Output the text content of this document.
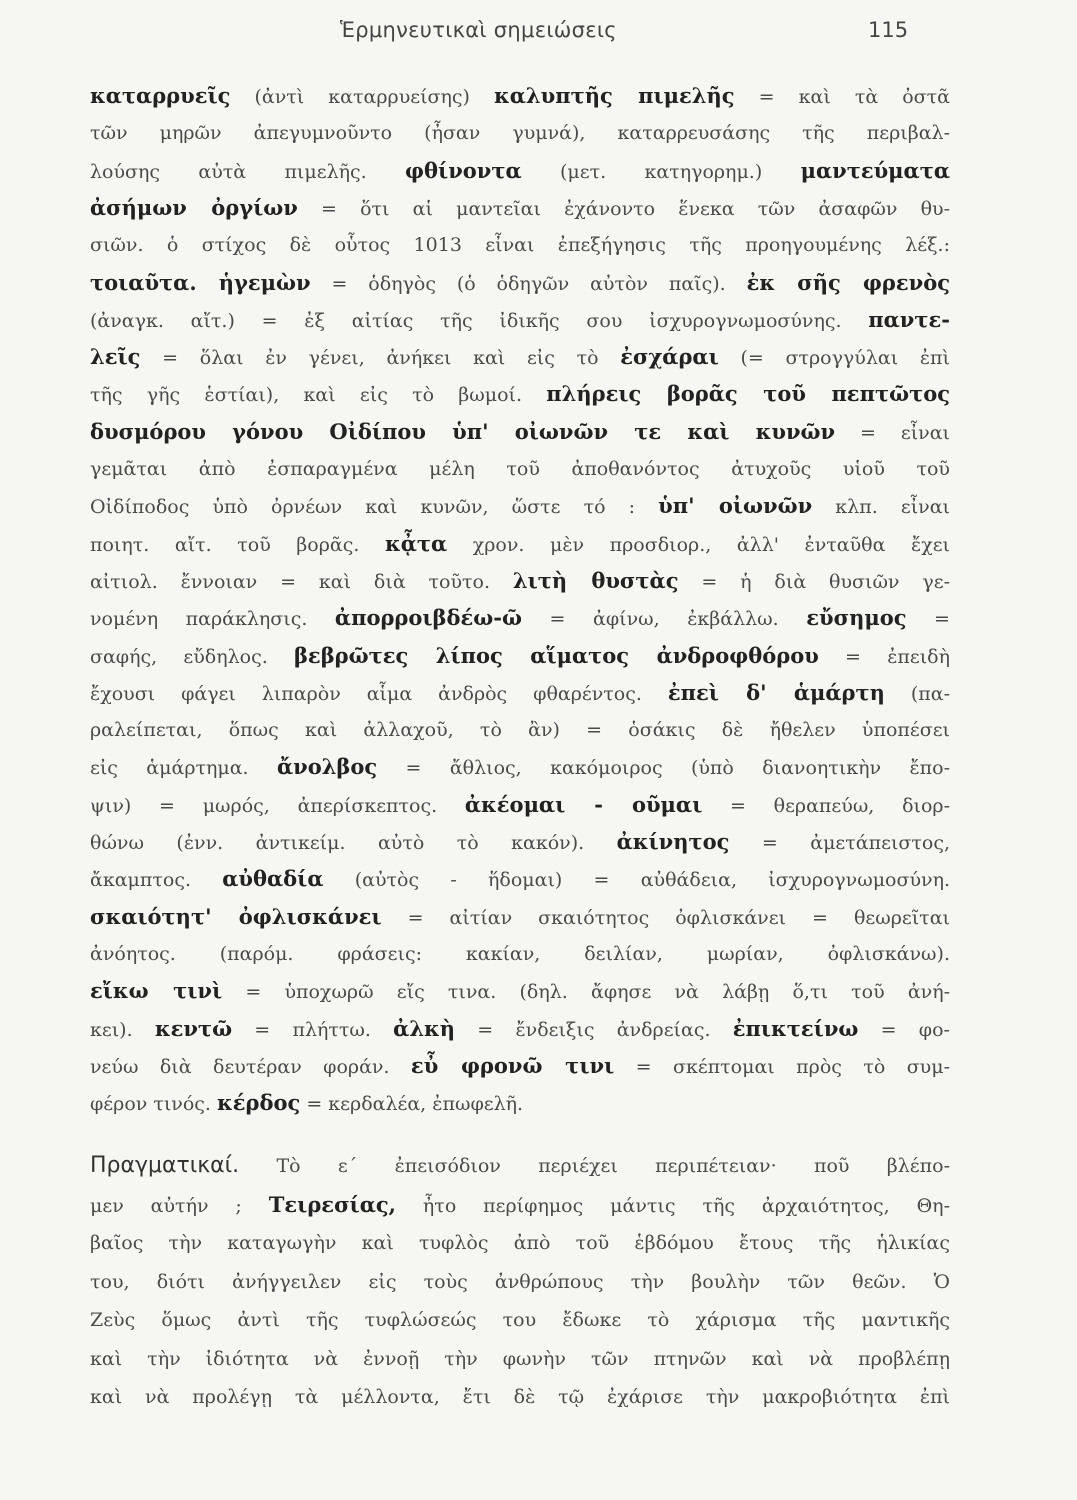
Ἑρμηνευτικαὶ σημειώσεις	115
καταρρυεῖς (ἀντὶ καταρρυείσης) καλυπτῆς πιμελῆς = καὶ τὰ ὀστᾶ
τῶν μηρῶν ἀπεγυμνοῦντο (ἦσαν γυμνά), καταρρευσάσης τῆς περιβαλ-
λούσης αὐτὰ πιμελῆς. φθίνοντα (μετ. κατηγορημ.) μαντεύματα
ἀσήμων ὀργίων = ὅτι αἱ μαντεῖαι ἐχάνοντο ἕνεκα τῶν ἀσαφῶν θυ-
σιῶν. ὁ στίχος δὲ οὗτος 1013 εἶναι ἐπεξήγησις τῆς προηγουμένης λέξ.:
τοιαῦτα. ἡγεμὼν = ὁδηγὸς (ὁ ὁδηγῶν αὐτὸν παῖς). ἐκ σῆς φρενὸς
(ἀναγκ. αἴτ.) = ἐξ αἰτίας τῆς ἰδικῆς σου ἰσχυρογνωμοσύνης. παντε-
λεῖς = ὅλαι ἐν γένει, ἀνήκει καὶ εἰς τὸ ἐσχάραι (= στρογγύλαι ἐπὶ
τῆς γῆς ἑστίαι), καὶ εἰς τὸ βωμοί. πλήρεις βορᾶς τοῦ πεπτῶτος
δυσμόρου γόνου Οἰδίπου ὑπ' οἰωνῶν τε καὶ κυνῶν = εἶναι
γεμᾶται ἀπὸ ἐσπαραγμένα μέλη τοῦ ἀποθανόντος ἀτυχοῦς υἱοῦ τοῦ
Οἰδίποδος ὑπὸ ὀρνέων καὶ κυνῶν, ὥστε τό : ὑπ' οἰωνῶν κλπ. εἶναι
ποιητ. αἴτ. τοῦ βορᾶς. κᾆτα χρον. μὲν προσδιορ., ἀλλ' ἐνταῦθα ἔχει
αἰτιολ. ἔννοιαν = καὶ διὰ τοῦτο. λιτὴ θυστὰς = ἡ διὰ θυσιῶν γε-
νομένη παράκλησις. ἀπορροιβδέω-ῶ = ἀφίνω, ἐκβάλλω. εὔσημος =
σαφής, εὔδηλος. βεβρῶτες λίπος αἵματος ἀνδροφθόρου = ἐπειδὴ
ἔχουσι φάγει λιπαρὸν αἷμα ἀνδρὸς φθαρέντος. ἐπεὶ δ' ἁμάρτη (πα-
ραλείπεται, ὅπως καὶ ἀλλαχοῦ, τὸ ἂν) = ὁσάκις δὲ ἤθελεν ὑποπέσει
εἰς ἁμάρτημα. ἄνολβος = ἄθλιος, κακόμοιρος (ὑπὸ διανοητικὴν ἔπο-
ψιν) = μωρός, ἀπερίσκεπτος. ἀκέομαι - οῦμαι = θεραπεύω, διορ-
θώνω (ἐνν. ἀντικείμ. αὐτὸ τὸ κακόν). ἀκίνητος = ἀμετάπειστος,
ἄκαμπτος. αὐθαδία (αὐτὸς - ἥδομαι) = αὐθάδεια, ἰσχυρογνωμοσύνη.
σκαιότητ' ὀφλισκάνει = αἰτίαν σκαιότητος ὀφλισκάνει = θεωρεῖται
ἀνόητος. (παρόμ. φράσεις: κακίαν, δειλίαν, μωρίαν, ὀφλισκάνω).
εἴκω τινὶ = ὑποχωρῶ εἴς τινα. (δηλ. ἄφησε νὰ λάβῃ ὅ,τι τοῦ ἀνή-
κει). κεντῶ = πλήττω. ἀλκὴ = ἔνδειξις ἀνδρείας. ἐπικτείνω = φο-
νεύω διὰ δευτέραν φοράν. εὖ φρονῶ τινι = σκέπτομαι πρὸς τὸ συμ-
φέρον τινός. κέρδος = κερδαλέα, ἐπωφελῆ.
Πραγματικαί. Τὸ ε΄ ἐπεισόδιον περιέχει περιπέτειαν· ποῦ βλέπο-
μεν αὐτήν ; Τειρεσίας, ἦτο περίφημος μάντις τῆς ἀρχαιότητος, Θη-
βαῖος τὴν καταγωγὴν καὶ τυφλὸς ἀπὸ τοῦ ἑβδόμου ἔτους τῆς ἡλικίας
του, διότι ἀνήγγειλεν εἰς τοὺς ἀνθρώπους τὴν βουλὴν τῶν θεῶν. Ὁ
Ζεὺς ὅμως ἀντὶ τῆς τυφλώσεώς του ἔδωκε τὸ χάρισμα τῆς μαντικῆς
καὶ τὴν ἰδιότητα νὰ ἐννοῇ τὴν φωνὴν τῶν πτηνῶν καὶ νὰ προβλέπῃ
καὶ νὰ προλέγῃ τὰ μέλλοντα, ἔτι δὲ τῷ ἐχάρισε τὴν μακροβιότητα ἐπὶ
